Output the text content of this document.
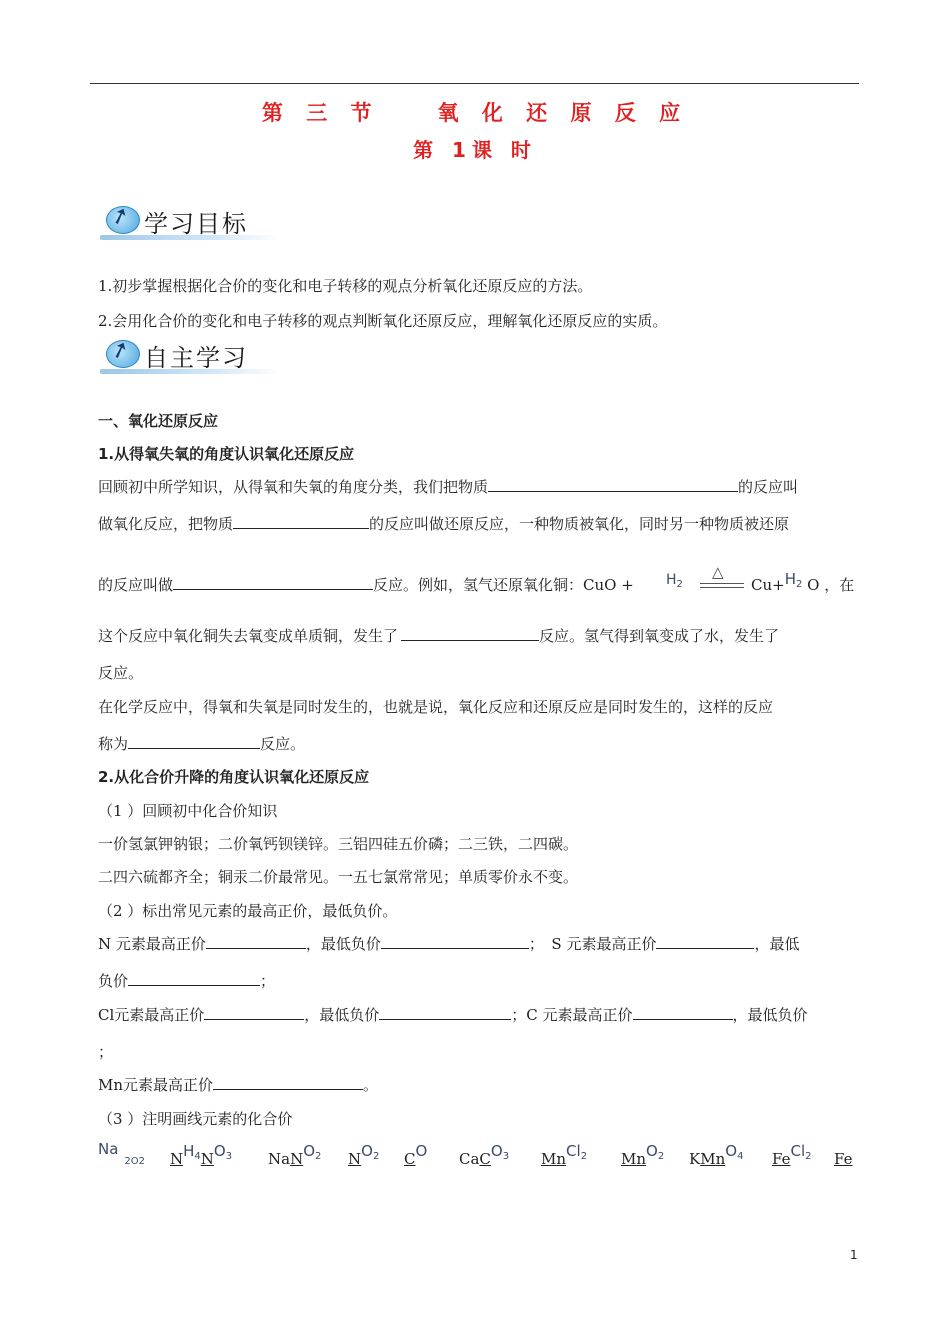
第 三 节　　氧 化 还 原 反 应
第 1课 时
➚ 学习目标
1.初步掌握根据化合价的变化和电子转移的观点分析氧化还原反应的方法。
2.会用化合价的变化和电子转移的观点判断氧化还原反应，理解氧化还原反应的实质。
➚ 自主学习
一、氧化还原反应
1.从得氧失氧的角度认识氧化还原反应
回顾初中所学知识，从得氧和失氧的角度分类，我们把物质	的反应叫
做氧化反应，把物质	的反应叫做还原反应，一种物质被氧化，同时另一种物质被还原
的反应叫做	反应。例如，氢气还原氧化铜：CuO + $H_2$
△
$Cu+H_2$ O ，在
这个反应中氧化铜失去氧变成单质铜，发生了	反应。氢气得到氧变成了水，发生了
反应。
在化学反应中，得氧和失氧是同时发生的，也就是说，氧化反应和还原反应是同时发生的，这样的反应
称为	反应。
2.从化合价升降的角度认识氧化还原反应
（1 ）回顾初中化合价知识
一价氢氯钾钠银；二价氧钙钡镁锌。三铝四硅五价磷；二三铁，二四碳。
二四六硫都齐全；铜汞二价最常见。一五七氯常常见；单质零价永不变。
（2 ）标出常见元素的最高正价，最低负价。
N 元素最高正价	，最低负价	；　S 元素最高正价	，最低
负价	；
Cl元素最高正价	，最低负价	；C 元素最高正价	，最低负价
；
Mn元素最高正价	。
（3 ）注明画线元素的化合价
$Na_{2O2}$ $NH_4NO_3$ NaNO$_2$ $NO_2$ CO CaCO$_3$ MnCl$_2$ MnO$_2$ KMnO$_4$ FeCl$_2$ Fe
1
